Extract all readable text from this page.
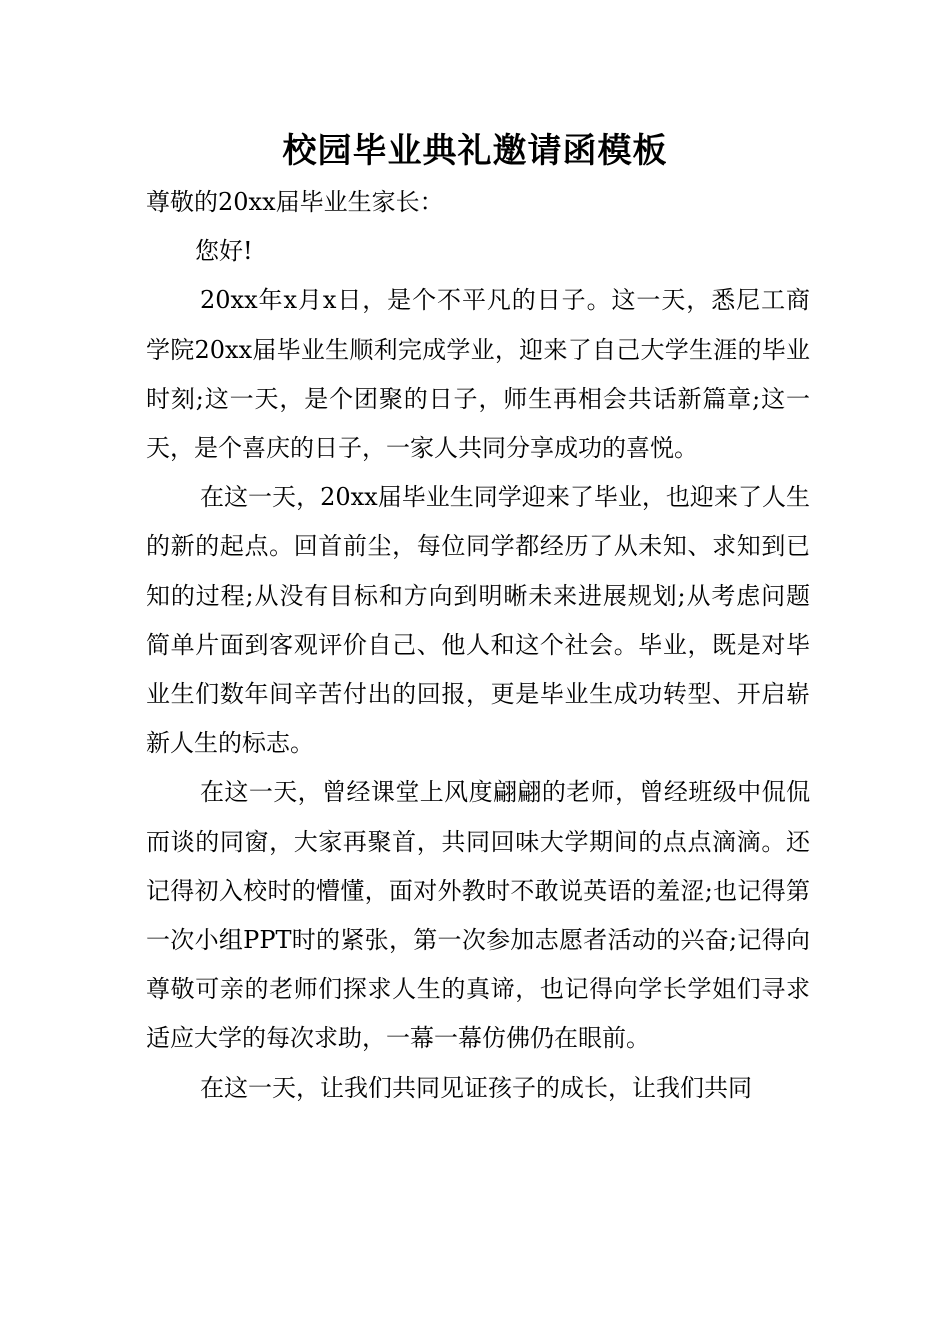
校园毕业典礼邀请函模板

尊敬的20xx届毕业生家长：

您好!

20xx年x月x日，是个不平凡的日子。这一天，悉尼工商学院20xx届毕业生顺利完成学业，迎来了自己大学生涯的毕业时刻;这一天，是个团聚的日子，师生再相会共话新篇章;这一天，是个喜庆的日子，一家人共同分享成功的喜悦。

在这一天，20xx届毕业生同学迎来了毕业，也迎来了人生的新的起点。回首前尘，每位同学都经历了从未知、求知到已知的过程;从没有目标和方向到明晰未来进展规划;从考虑问题简单片面到客观评价自己、他人和这个社会。毕业，既是对毕业生们数年间辛苦付出的回报，更是毕业生成功转型、开启崭新人生的标志。

在这一天，曾经课堂上风度翩翩的老师，曾经班级中侃侃而谈的同窗，大家再聚首，共同回味大学期间的点点滴滴。还记得初入校时的懵懂，面对外教时不敢说英语的羞涩;也记得第一次小组PPT时的紧张，第一次参加志愿者活动的兴奋;记得向尊敬可亲的老师们探求人生的真谛，也记得向学长学姐们寻求适应大学的每次求助，一幕一幕仿佛仍在眼前。

在这一天，让我们共同见证孩子的成长，让我们共同
